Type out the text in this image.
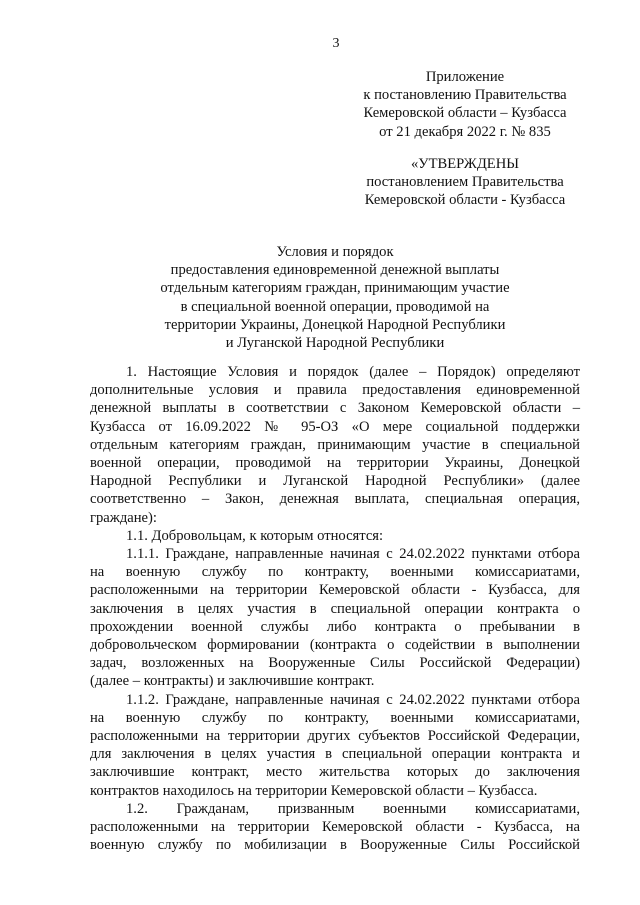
3
Приложение
к постановлению Правительства
Кемеровской области – Кузбасса
от 21 декабря 2022 г. № 835
«УТВЕРЖДЕНЫ
постановлением Правительства
Кемеровской области - Кузбасса
Условия и порядок
предоставления единовременной денежной выплаты
отдельным категориям граждан, принимающим участие
в специальной военной операции, проводимой на
территории Украины, Донецкой Народной Республики
и Луганской Народной Республики
1. Настоящие Условия и порядок (далее – Порядок) определяют
дополнительные условия и правила предоставления единовременной
денежной выплаты в соответствии с Законом Кемеровской области –
Кузбасса от 16.09.2022 № 95-ОЗ «О мере социальной поддержки
отдельным категориям граждан, принимающим участие в специальной
военной операции, проводимой на территории Украины, Донецкой
Народной Республики и Луганской Народной Республики» (далее
соответственно – Закон, денежная выплата, специальная операция,
граждане):
1.1. Добровольцам, к которым относятся:
1.1.1. Граждане, направленные начиная с 24.02.2022 пунктами отбора
на военную службу по контракту, военными комиссариатами,
расположенными на территории Кемеровской области - Кузбасса, для
заключения в целях участия в специальной операции контракта о
прохождении военной службы либо контракта о пребывании в
добровольческом формировании (контракта о содействии в выполнении
задач, возложенных на Вооруженные Силы Российской Федерации)
(далее – контракты) и заключившие контракт.
1.1.2. Граждане, направленные начиная с 24.02.2022 пунктами отбора
на военную службу по контракту, военными комиссариатами,
расположенными на территории других субъектов Российской Федерации,
для заключения в целях участия в специальной операции контракта и
заключившие контракт, место жительства которых до заключения
контрактов находилось на территории Кемеровской области – Кузбасса.
1.2. Гражданам, призванным военными комиссариатами,
расположенными на территории Кемеровской области - Кузбасса, на
военную службу по мобилизации в Вооруженные Силы Российской
